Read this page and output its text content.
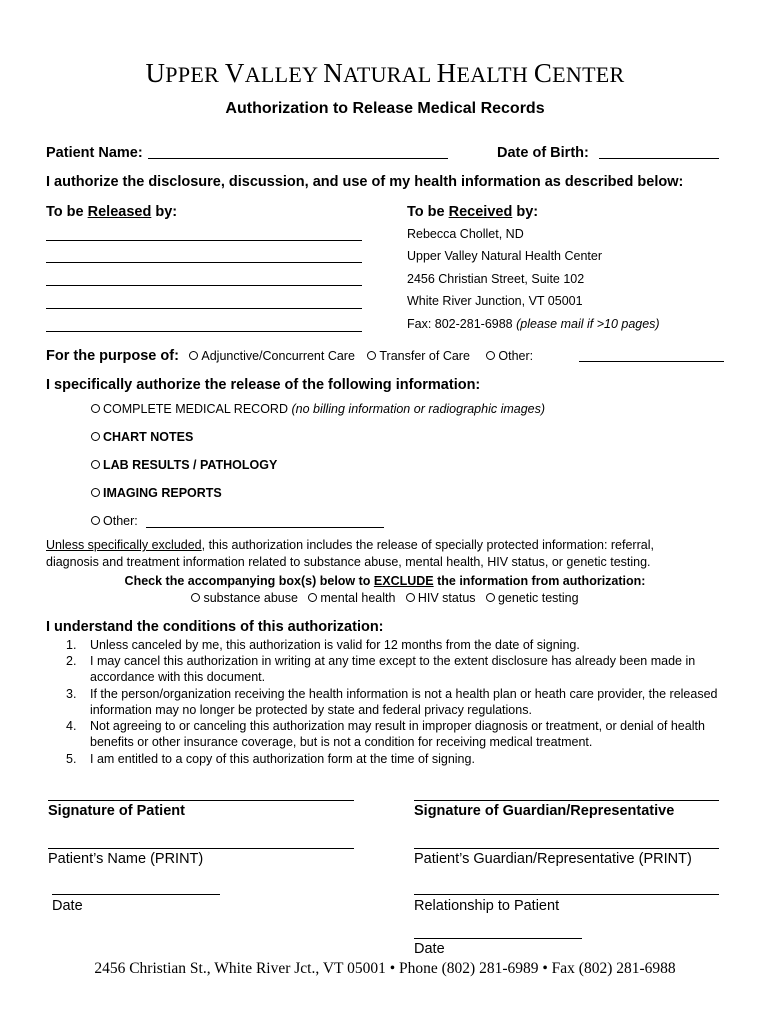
UPPER VALLEY NATURAL HEALTH CENTER
Authorization to Release Medical Records
Patient Name:	Date of Birth:
I authorize the disclosure, discussion, and use of my health information as described below:
To be Released by:	To be Received by:
Rebecca Chollet, ND
Upper Valley Natural Health Center
2456 Christian Street, Suite 102
White River Junction, VT 05001
Fax: 802-281-6988 (please mail if >10 pages)
For the purpose of: Adjunctive/Concurrent Care Transfer of Care Other:
I specifically authorize the release of the following information:
COMPLETE MEDICAL RECORD (no billing information or radiographic images)
CHART NOTES
LAB RESULTS / PATHOLOGY
IMAGING REPORTS
Other:
Unless specifically excluded, this authorization includes the release of specially protected information: referral,
diagnosis and treatment information related to substance abuse, mental health, HIV status, or genetic testing.
Check the accompanying box(s) below to EXCLUDE the information from authorization:
substance abuse mental health HIV status genetic testing
I understand the conditions of this authorization:
1. Unless canceled by me, this authorization is valid for 12 months from the date of signing.
2. I may cancel this authorization in writing at any time except to the extent disclosure has already been made in accordance with this document.
3. If the person/organization receiving the health information is not a health plan or heath care provider, the released information may no longer be protected by state and federal privacy regulations.
4. Not agreeing to or canceling this authorization may result in improper diagnosis or treatment, or denial of health benefits or other insurance coverage, but is not a condition for receiving medical treatment.
5. I am entitled to a copy of this authorization form at the time of signing.
Signature of Patient	Signature of Guardian/Representative
Patient’s Name (PRINT)	Patient’s Guardian/Representative (PRINT)
Date	Relationship to Patient
Date
2456 Christian St., White River Jct., VT 05001 • Phone (802) 281-6989 • Fax (802) 281-6988
